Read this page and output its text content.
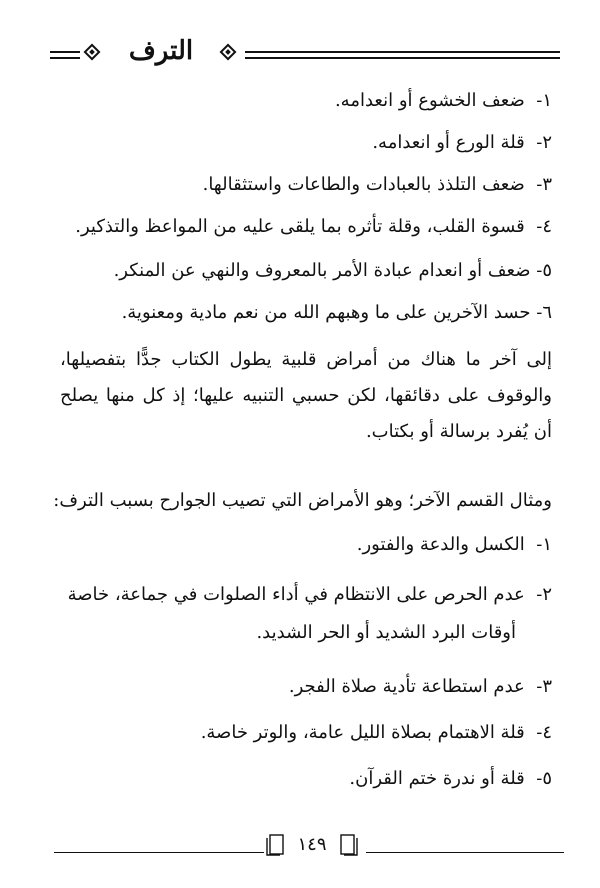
الترف
١-  ضعف الخشوع أو انعدامه.
٢-  قلة الورع أو انعدامه.
٣-  ضعف التلذذ بالعبادات والطاعات واستثقالها.
٤-  قسوة القلب، وقلة تأثره بما يلقى عليه من المواعظ والتذكير.
٥- ضعف أو انعدام عبادة الأمر بالمعروف والنهي عن المنكر.
٦- حسد الآخرين على ما وهبهم الله من نعم مادية ومعنوية.
إلى آخر ما هناك من أمراض قلبية يطول الكتاب جدًّا بتفصيلها، والوقوف على دقائقها، لكن حسبي التنبيه عليها؛ إذ كل منها يصلح أن يُفرد برسالة أو بكتاب.
ومثال القسم الآخر؛ وهو الأمراض التي تصيب الجوارح بسبب الترف:
١-  الكسل والدعة والفتور.
٢-  عدم الحرص على الانتظام في أداء الصلوات في جماعة، خاصة
أوقات البرد الشديد أو الحر الشديد.
٣-  عدم استطاعة تأدية صلاة الفجر.
٤-  قلة الاهتمام بصلاة الليل عامة، والوتر خاصة.
٥-  قلة أو ندرة ختم القرآن.
١٤٩
